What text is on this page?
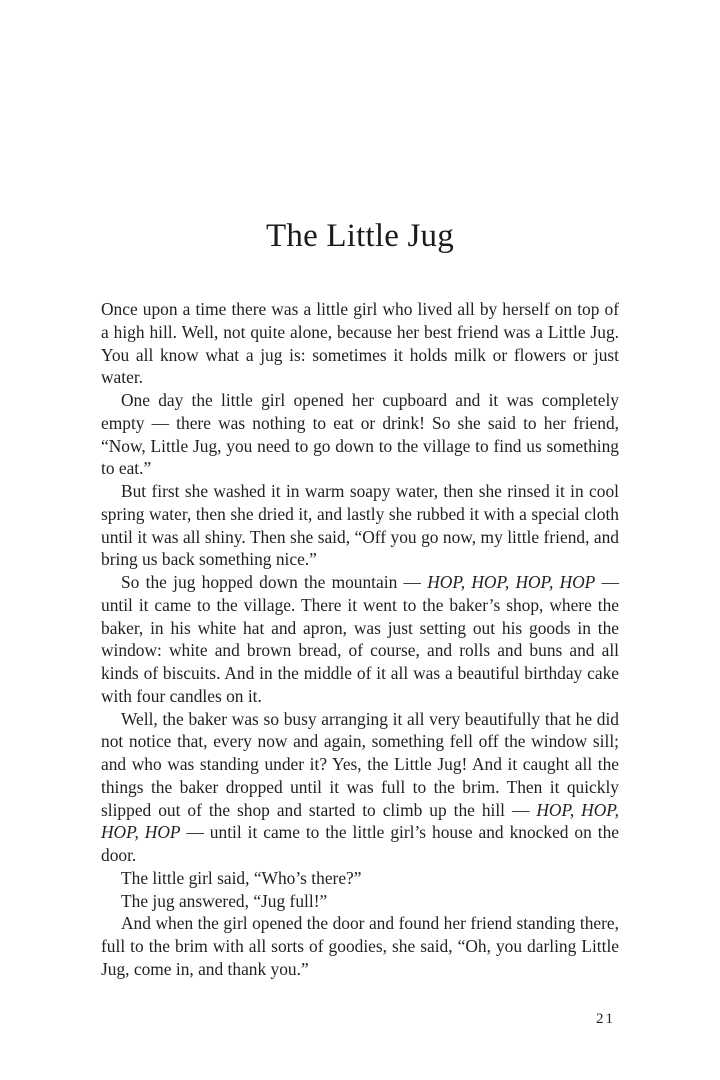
The Little Jug

Once upon a time there was a little girl who lived all by herself on top of a high hill. Well, not quite alone, because her best friend was a Little Jug. You all know what a jug is: sometimes it holds milk or flowers or just water.

One day the little girl opened her cupboard and it was completely empty — there was nothing to eat or drink! So she said to her friend, “Now, Little Jug, you need to go down to the village to find us something to eat.”

But first she washed it in warm soapy water, then she rinsed it in cool spring water, then she dried it, and lastly she rubbed it with a special cloth until it was all shiny. Then she said, “Off you go now, my little friend, and bring us back something nice.”

So the jug hopped down the mountain — HOP, HOP, HOP, HOP — until it came to the village. There it went to the baker’s shop, where the baker, in his white hat and apron, was just setting out his goods in the window: white and brown bread, of course, and rolls and buns and all kinds of biscuits. And in the middle of it all was a beautiful birthday cake with four candles on it.

Well, the baker was so busy arranging it all very beautifully that he did not notice that, every now and again, something fell off the window sill; and who was standing under it? Yes, the Little Jug! And it caught all the things the baker dropped until it was full to the brim. Then it quickly slipped out of the shop and started to climb up the hill — HOP, HOP, HOP, HOP — until it came to the little girl’s house and knocked on the door.

The little girl said, “Who’s there?”

The jug answered, “Jug full!”

And when the girl opened the door and found her friend standing there, full to the brim with all sorts of goodies, she said, “Oh, you darling Little Jug, come in, and thank you.”

21
